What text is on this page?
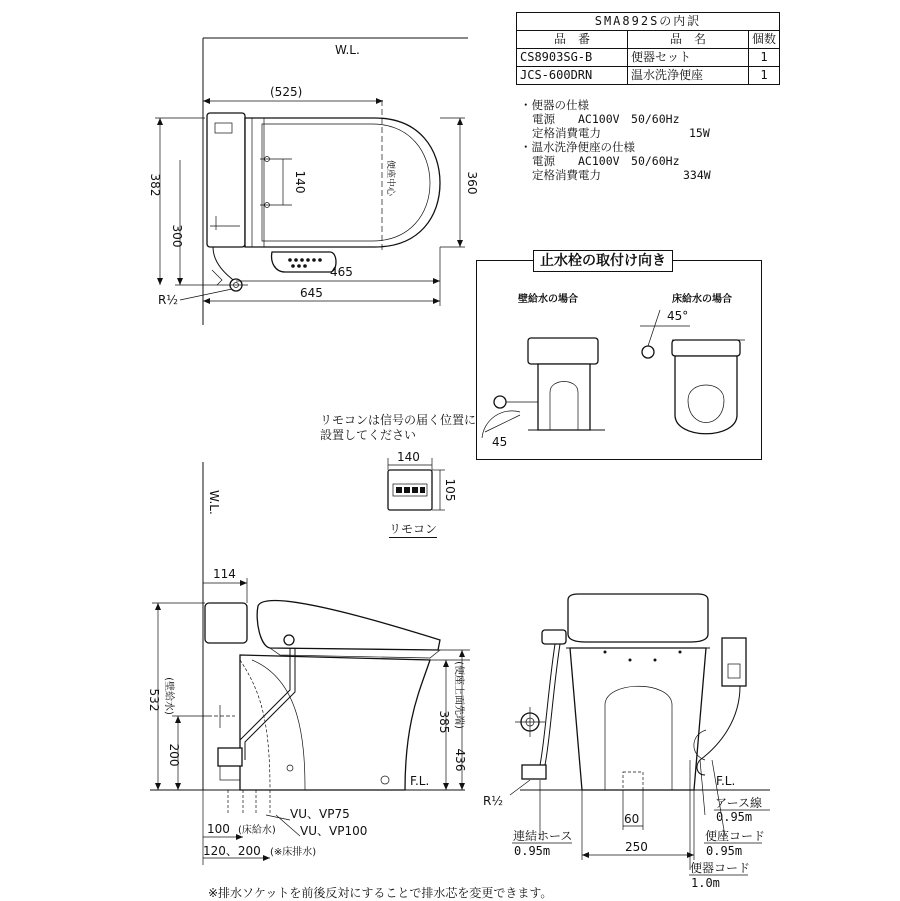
SMA892Sの内訳		
品　番	品　名	個数
CS8903SG-B	便器セット	1
JCS-600DRN	温水洗浄便座	1
・便器の仕様
電源　　AC100V　50/60Hz
定格消費電力	15W
・温水洗浄便座の仕様
電源　　AC100V　50/60Hz
定格消費電力	334W
止水栓の取付け向き
壁給水の場合	床給水の場合
リモコンは信号の届く位置に
設置してください
リモコン
※排水ソケットを前後反対にすることで排水芯を変更できます。
W.L.
140	便座中心
(525)
382
300
360
465
645
R½
45
45°
140
105
W.L.
F.L.
114
532 (壁給水)
200
385
436
(便座上面先端)
100 (床給水)
120、200 (※床排水)
VU、VP75
VU、VP100
F.L.
R½
60
250
アース線
0.95m
便座コード
0.95m
便器コード
1.0m
連結ホース
0.95m
